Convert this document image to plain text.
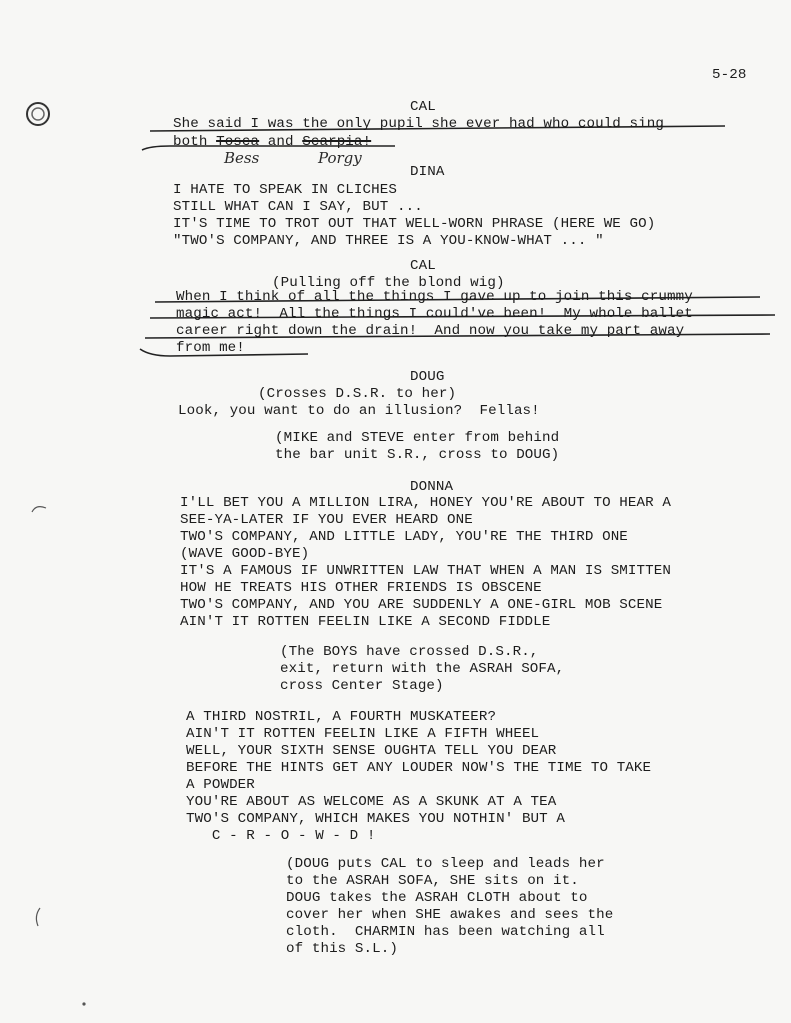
5-28
CAL
She said I was the only pupil she ever had who could sing
both Tosca and Scarpia!
Bess	Porgy
DINA
I HATE TO SPEAK IN CLICHES
STILL WHAT CAN I SAY, BUT ...
IT'S TIME TO TROT OUT THAT WELL-WORN PHRASE (HERE WE GO)
"TWO'S COMPANY, AND THREE IS A YOU-KNOW-WHAT ... "
CAL
(Pulling off the blond wig)
When I think of all the things I gave up to join this crummy
magic act!  All the things I could've been!  My whole ballet
career right down the drain!  And now you take my part away
from me!
DOUG
(Crosses D.S.R. to her)
Look, you want to do an illusion?  Fellas!
(MIKE and STEVE enter from behind
the bar unit S.R., cross to DOUG)
DONNA
I'LL BET YOU A MILLION LIRA, HONEY YOU'RE ABOUT TO HEAR A
SEE-YA-LATER IF YOU EVER HEARD ONE
TWO'S COMPANY, AND LITTLE LADY, YOU'RE THE THIRD ONE
(WAVE GOOD-BYE)
IT'S A FAMOUS IF UNWRITTEN LAW THAT WHEN A MAN IS SMITTEN
HOW HE TREATS HIS OTHER FRIENDS IS OBSCENE
TWO'S COMPANY, AND YOU ARE SUDDENLY A ONE-GIRL MOB SCENE
AIN'T IT ROTTEN FEELIN LIKE A SECOND FIDDLE
(The BOYS have crossed D.S.R.,
exit, return with the ASRAH SOFA,
cross Center Stage)
A THIRD NOSTRIL, A FOURTH MUSKATEER?
AIN'T IT ROTTEN FEELIN LIKE A FIFTH WHEEL
WELL, YOUR SIXTH SENSE OUGHTA TELL YOU DEAR
BEFORE THE HINTS GET ANY LOUDER NOW'S THE TIME TO TAKE
A POWDER
YOU'RE ABOUT AS WELCOME AS A SKUNK AT A TEA
TWO'S COMPANY, WHICH MAKES YOU NOTHIN' BUT A
C - R - O - W - D !
(DOUG puts CAL to sleep and leads her
to the ASRAH SOFA, SHE sits on it.
DOUG takes the ASRAH CLOTH about to
cover her when SHE awakes and sees the
cloth.  CHARMIN has been watching all
of this S.L.)
